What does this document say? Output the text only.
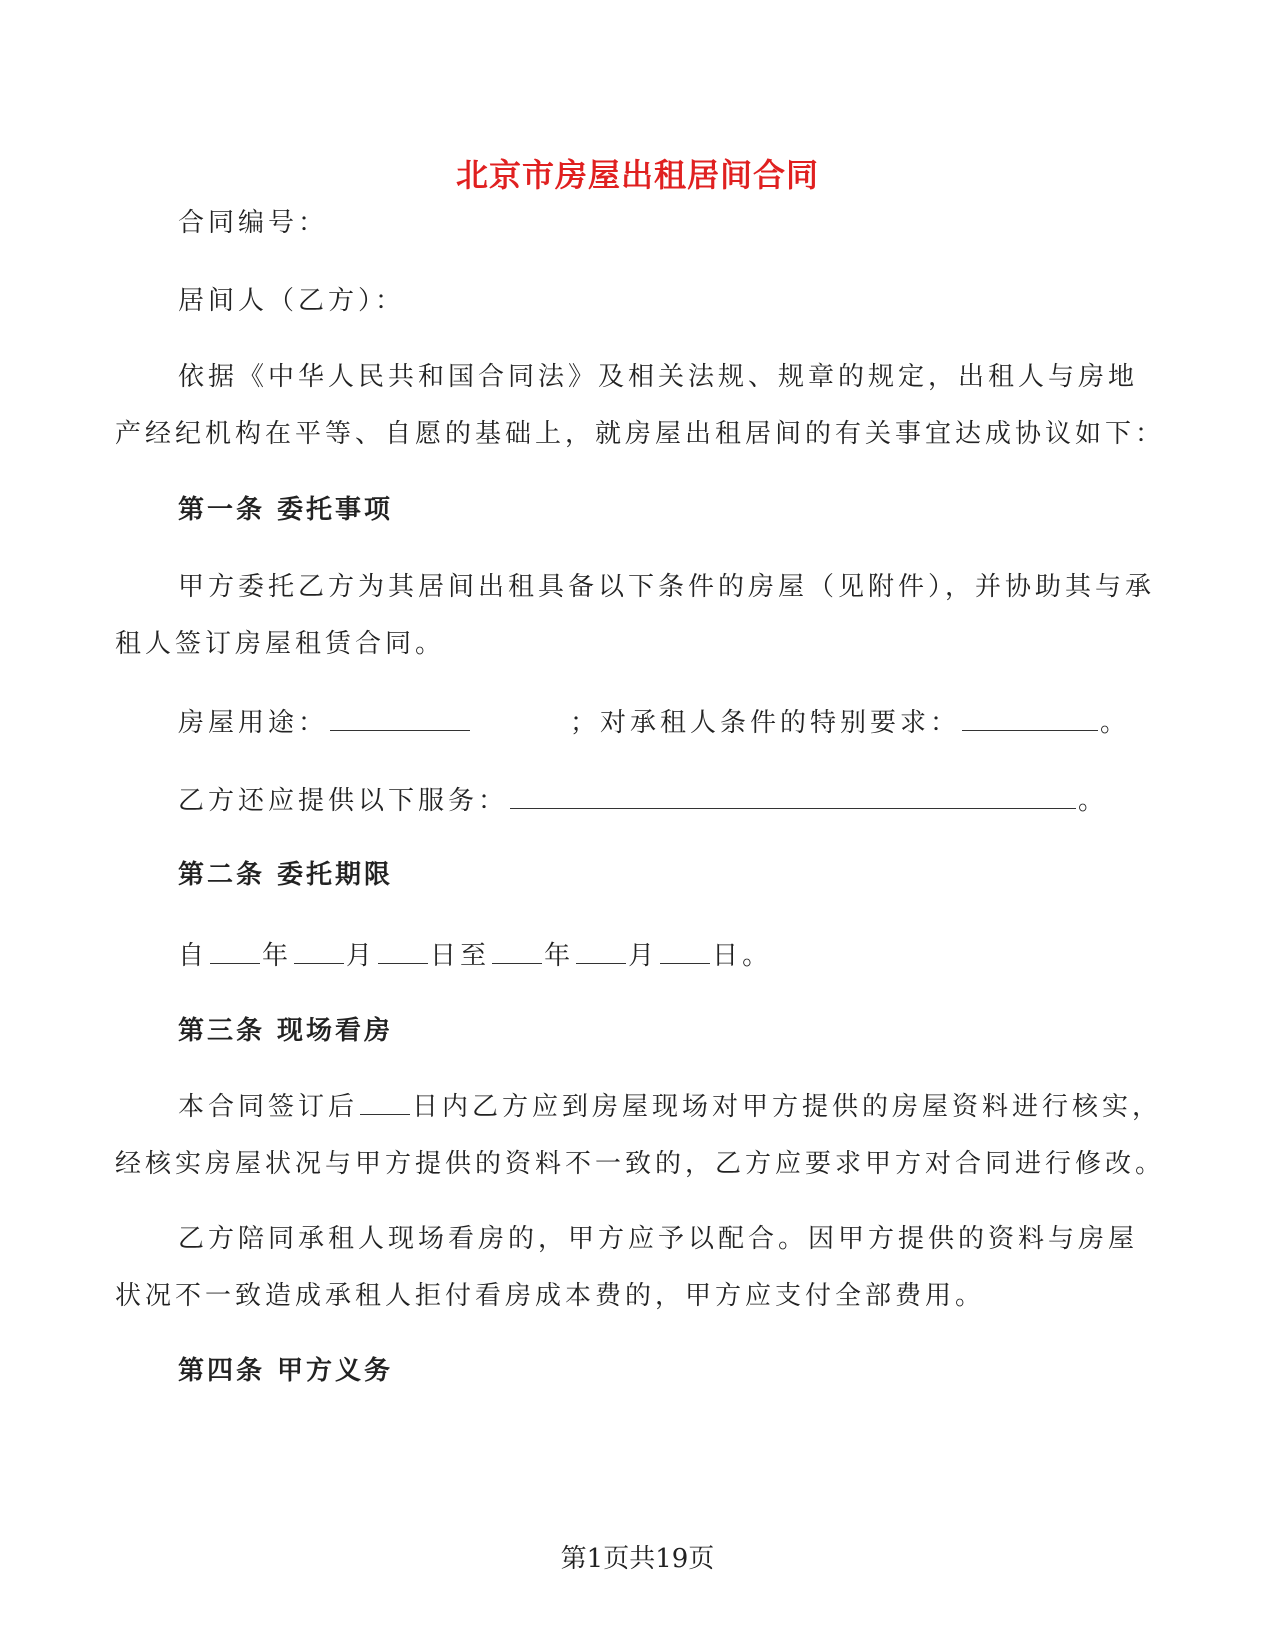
北京市房屋出租居间合同
合同编号：
居间人（乙方）：
依据《中华人民共和国合同法》及相关法规、规章的规定，出租人与房地产经纪机构在平等、自愿的基础上，就房屋出租居间的有关事宜达成协议如下：
第一条 委托事项
甲方委托乙方为其居间出租具备以下条件的房屋（见附件），并协助其与承租人签订房屋租赁合同。
房屋用途：	；对承租人条件的特别要求：	。
乙方还应提供以下服务：	。
第二条 委托期限
自 年 月 日至 年 月 日。
第三条 现场看房
本合同签订后 日内乙方应到房屋现场对甲方提供的房屋资料进行核实，经核实房屋状况与甲方提供的资料不一致的，乙方应要求甲方对合同进行修改。
乙方陪同承租人现场看房的，甲方应予以配合。因甲方提供的资料与房屋状况不一致造成承租人拒付看房成本费的，甲方应支付全部费用。
第四条 甲方义务
第1页共19页
